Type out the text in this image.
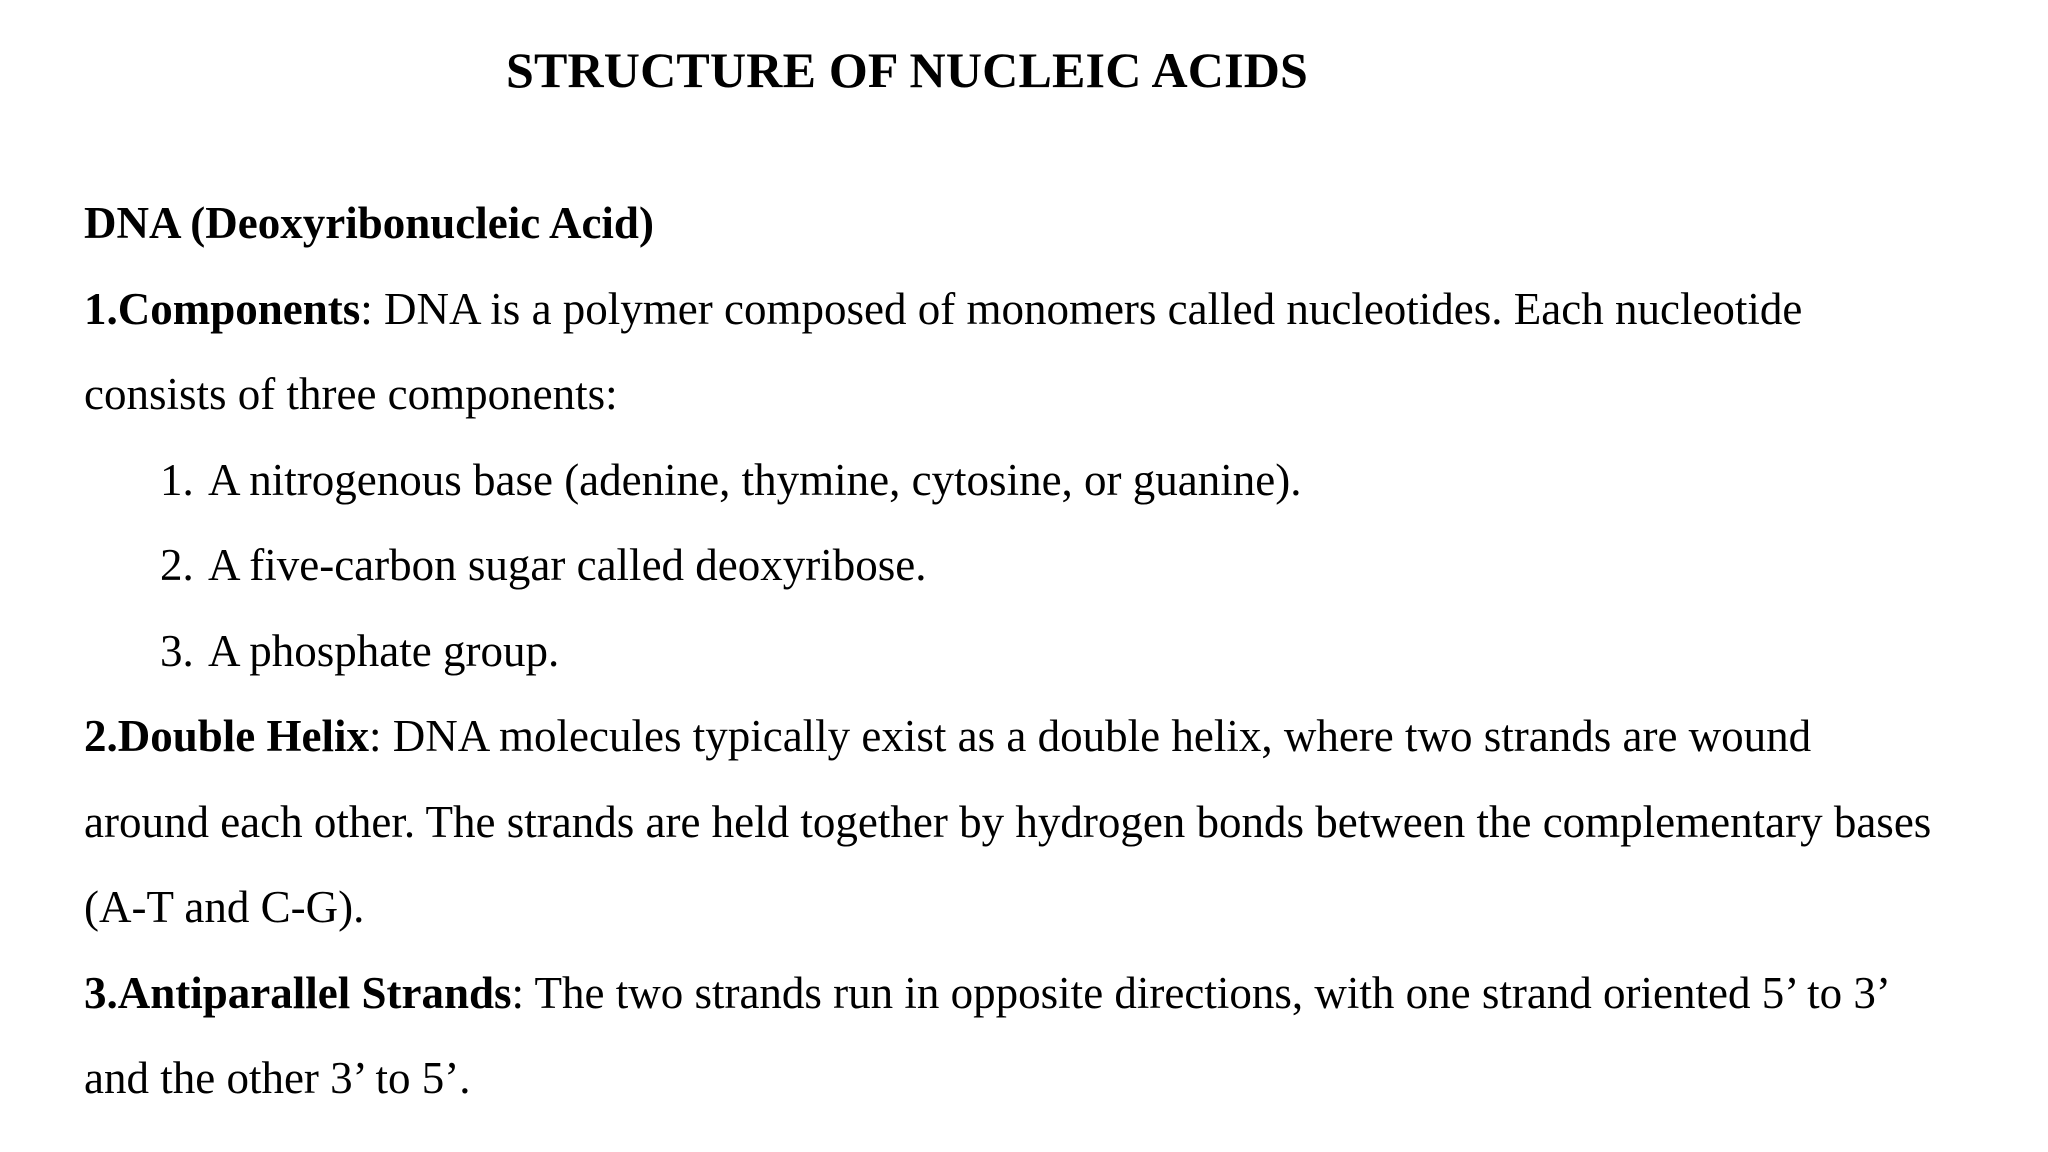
STRUCTURE OF NUCLEIC ACIDS
DNA (Deoxyribonucleic Acid)
1.Components: DNA is a polymer composed of monomers called nucleotides. Each nucleotide
consists of three components:
1. A nitrogenous base (adenine, thymine, cytosine, or guanine).
2. A five-carbon sugar called deoxyribose.
3. A phosphate group.
2.Double Helix: DNA molecules typically exist as a double helix, where two strands are wound
around each other. The strands are held together by hydrogen bonds between the complementary bases
(A-T and C-G).
3.Antiparallel Strands: The two strands run in opposite directions, with one strand oriented 5’ to 3’
and the other 3’ to 5’.
